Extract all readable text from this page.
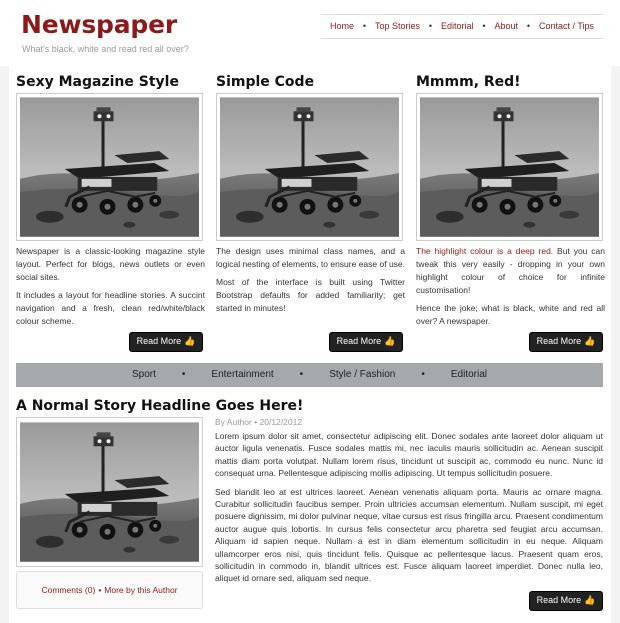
Newspaper
What's black, white and read red all over?
Home • Top Stories • Editorial • About • Contact / Tips
Sexy Magazine Style

Newspaper is a classic-looking magazine style layout. Perfect for blogs, news outlets or even social sites.

It includes a layout for headline stories. A succint navigation and a fresh, clean red/white/black colour scheme.

Read More 👍
Simple Code

The design uses minimal class names, and a logical nesting of elements, to ensure ease of use.

Most of the interface is built using Twitter Bootstrap defaults for added familiarity; get started in minutes!

Read More 👍
Mmmm, Red!

The highlight colour is a deep red. But you can tweak this very easily - dropping in your own highlight colour of choice for infinite customisation!

Hence the joke; what is black, white and red all over? A newspaper.

Read More 👍
Sport	•	Entertainment	•	Style / Fashion	•	Editorial
A Normal Story Headline Goes Here!
Comments (0) • More by this Author
By Author • 20/12/2012

Lorem ipsum dolor sit amet, consectetur adipiscing elit. Donec sodales ante laoreet dolor aliquam ut auctor ligula venenatis. Fusce sodales mattis mi, nec iaculis mauris sollicitudin ac. Aenean suscipit mattis diam porta volutpat. Nullam lorem risus, tincidunt ut suscipit ac, commodo eu nunc. Nunc id consequat urna. Pellentesque adipiscing mollis adipiscing. Ut tempus sollicitudin posuere.

Sed blandit leo at est ultrices laoreet. Aenean venenatis aliquam porta. Mauris ac ornare magna. Curabitur sollicitudin faucibus semper. Proin ultricies accumsan elementum. Nullam suscipit, mi eget posuere dignissim, mi dolor pulvinar neque, vitae cursus est risus fringilla arcu. Praesent condimentum auctor augue quis lobortis. In cursus felis consectetur arcu pharetra sed feugiat arcu accumsan. Aliquam id sapien neque. Nullam a est in diam elementum sollicitudin in eu neque. Aliquam ullamcorper eros nisi, quis tincidunt felis. Quisque ac pellentesque lacus. Praesent quam eros, sollicitudin in commodo in, blandit ultrices est. Fusce aliquam laoreet imperdiet. Donec nulla leo, aliquet id ornare sed, aliquam sed neque.

Read More 👍
